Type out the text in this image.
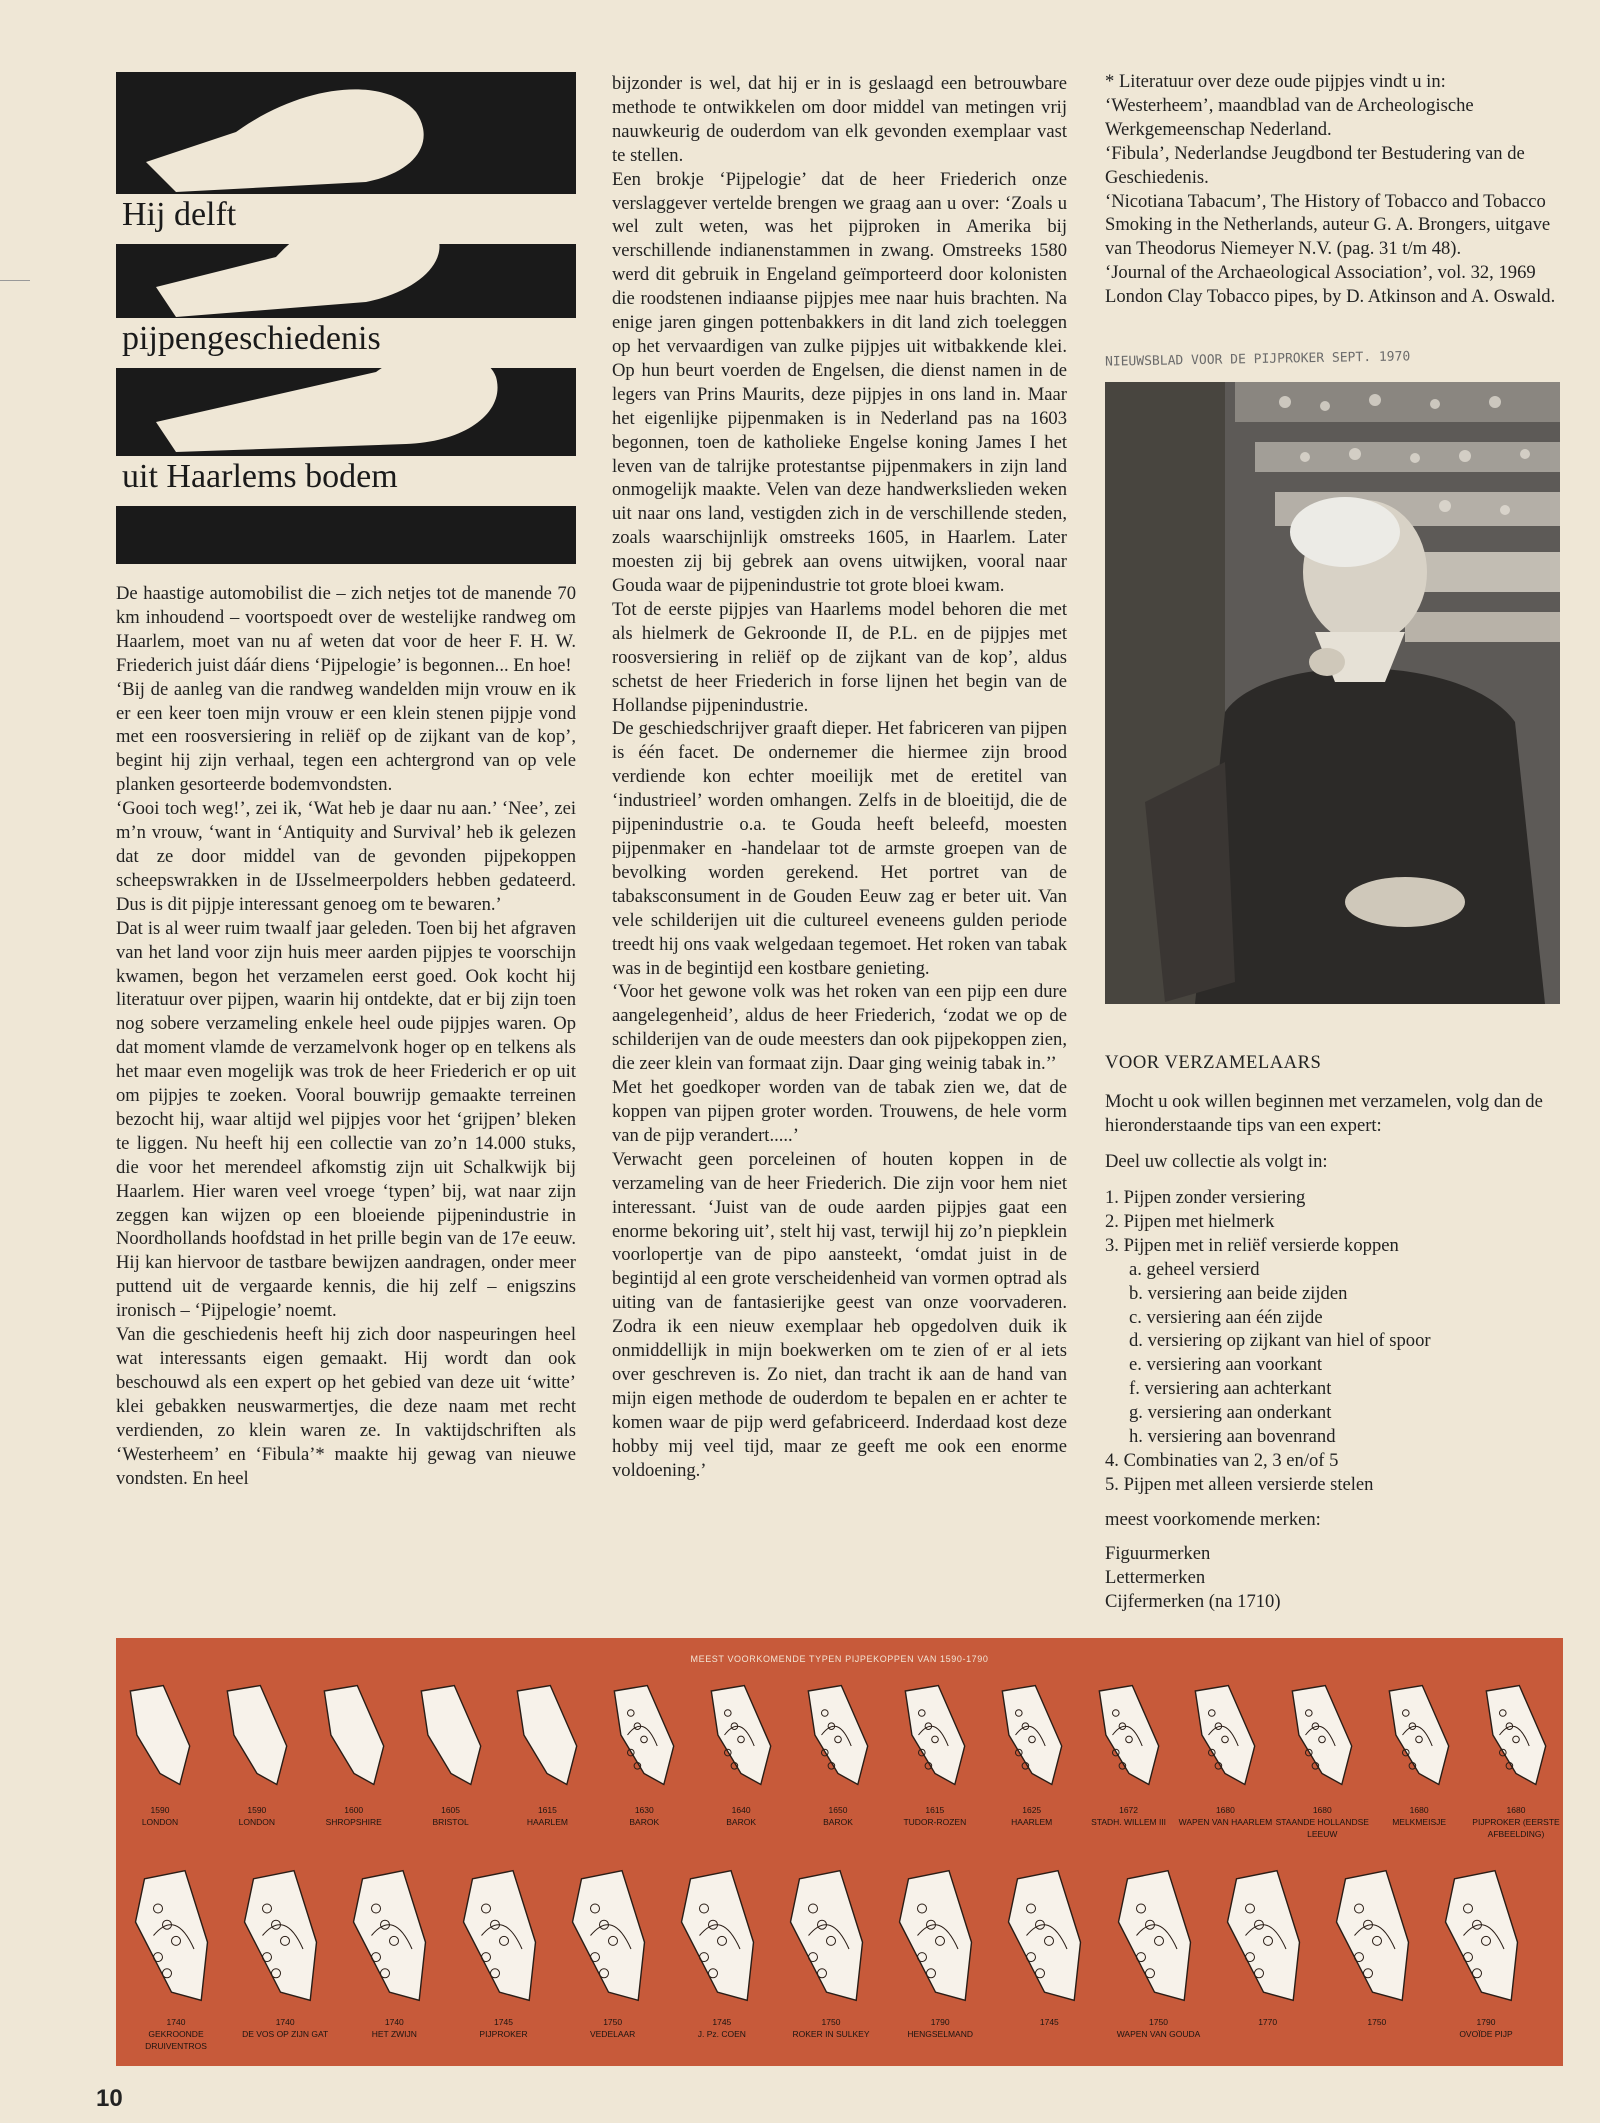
Hij delft
pijpengeschiedenis
uit Haarlems bodem

De haastige automobilist die – zich netjes tot de manende 70 km inhoudend – voortspoedt over de westelijke randweg om Haarlem, moet van nu af weten dat voor de heer F. H. W. Friederich juist dáár diens ‘Pijpelogie’ is begonnen... En hoe!

‘Bij de aanleg van die randweg wandelden mijn vrouw en ik er een keer toen mijn vrouw er een klein stenen pijpje vond met een roosversiering in reliëf op de zijkant van de kop’, begint hij zijn verhaal, tegen een achtergrond van op vele planken gesorteerde bodemvondsten.

‘Gooi toch weg!’, zei ik, ‘Wat heb je daar nu aan.’ ‘Nee’, zei m’n vrouw, ‘want in ‘Antiquity and Survival’ heb ik gelezen dat ze door middel van de gevonden pijpekoppen scheepswrakken in de IJsselmeerpolders hebben gedateerd. Dus is dit pijpje interessant genoeg om te bewaren.’

Dat is al weer ruim twaalf jaar geleden. Toen bij het afgraven van het land voor zijn huis meer aarden pijpjes te voorschijn kwamen, begon het verzamelen eerst goed. Ook kocht hij literatuur over pijpen, waarin hij ontdekte, dat er bij zijn toen nog sobere verzameling enkele heel oude pijpjes waren. Op dat moment vlamde de verzamelvonk hoger op en telkens als het maar even mogelijk was trok de heer Friederich er op uit om pijpjes te zoeken. Vooral bouwrijp gemaakte terreinen bezocht hij, waar altijd wel pijpjes voor het ‘grijpen’ bleken te liggen. Nu heeft hij een collectie van zo’n 14.000 stuks, die voor het merendeel afkomstig zijn uit Schalkwijk bij Haarlem. Hier waren veel vroege ‘typen’ bij, wat naar zijn zeggen kan wijzen op een bloeiende pijpenindustrie in Noordhollands hoofdstad in het prille begin van de 17e eeuw. Hij kan hiervoor de tastbare bewijzen aandragen, onder meer puttend uit de vergaarde kennis, die hij zelf – enigszins ironisch – ‘Pijpelogie’ noemt.

Van die geschiedenis heeft hij zich door naspeuringen heel wat interessants eigen gemaakt. Hij wordt dan ook beschouwd als een expert op het gebied van deze uit ‘witte’ klei gebakken neuswarmertjes, die deze naam met recht verdienden, zo klein waren ze. In vaktijdschriften als ‘Westerheem’ en ‘Fibula’* maakte hij gewag van nieuwe vondsten. En heel

bijzonder is wel, dat hij er in is geslaagd een betrouwbare methode te ontwikkelen om door middel van metingen vrij nauwkeurig de ouderdom van elk gevonden exemplaar vast te stellen.

Een brokje ‘Pijpelogie’ dat de heer Friederich onze verslaggever vertelde brengen we graag aan u over: ‘Zoals u wel zult weten, was het pijproken in Amerika bij verschillende indianenstammen in zwang. Omstreeks 1580 werd dit gebruik in Engeland geïmporteerd door kolonisten die roodstenen indiaanse pijpjes mee naar huis brachten. Na enige jaren gingen pottenbakkers in dit land zich toeleggen op het vervaardigen van zulke pijpjes uit witbakkende klei. Op hun beurt voerden de Engelsen, die dienst namen in de legers van Prins Maurits, deze pijpjes in ons land in. Maar het eigenlijke pijpenmaken is in Nederland pas na 1603 begonnen, toen de katholieke Engelse koning James I het leven van de talrijke protestantse pijpenmakers in zijn land onmogelijk maakte. Velen van deze handwerkslieden weken uit naar ons land, vestigden zich in de verschillende steden, zoals waarschijnlijk omstreeks 1605, in Haarlem. Later moesten zij bij gebrek aan ovens uitwijken, vooral naar Gouda waar de pijpenindustrie tot grote bloei kwam.

Tot de eerste pijpjes van Haarlems model behoren die met als hielmerk de Gekroonde II, de P.L. en de pijpjes met roosversiering in reliëf op de zijkant van de kop’, aldus schetst de heer Friederich in forse lijnen het begin van de Hollandse pijpenindustrie.

De geschiedschrijver graaft dieper. Het fabriceren van pijpen is één facet. De ondernemer die hiermee zijn brood verdiende kon echter moeilijk met de eretitel van ‘industrieel’ worden omhangen. Zelfs in de bloeitijd, die de pijpenindustrie o.a. te Gouda heeft beleefd, moesten pijpenmaker en -handelaar tot de armste groepen van de bevolking worden gerekend. Het portret van de tabaksconsument in de Gouden Eeuw zag er beter uit. Van vele schilderijen uit die cultureel eveneens gulden periode treedt hij ons vaak welgedaan tegemoet. Het roken van tabak was in de begintijd een kostbare genieting.

‘Voor het gewone volk was het roken van een pijp een dure aangelegenheid’, aldus de heer Friederich, ‘zodat we op de schilderijen van de oude meesters dan ook pijpekoppen zien, die zeer klein van formaat zijn. Daar ging weinig tabak in.’’

Met het goedkoper worden van de tabak zien we, dat de koppen van pijpen groter worden. Trouwens, de hele vorm van de pijp verandert.....’

Verwacht geen porceleinen of houten koppen in de verzameling van de heer Friederich. Die zijn voor hem niet interessant. ‘Juist van de oude aarden pijpjes gaat een enorme bekoring uit’, stelt hij vast, terwijl hij zo’n piepklein voorlopertje van de pipo aansteekt, ‘omdat juist in de begintijd al een grote verscheidenheid van vormen optrad als uiting van de fantasierijke geest van onze voorvaderen. Zodra ik een nieuw exemplaar heb opgedolven duik ik onmiddellijk in mijn boekwerken om te zien of er al iets over geschreven is. Zo niet, dan tracht ik aan de hand van mijn eigen methode de ouderdom te bepalen en er achter te komen waar de pijp werd gefabriceerd. Inderdaad kost deze hobby mij veel tijd, maar ze geeft me ook een enorme voldoening.’

* Literatuur over deze oude pijpjes vindt u in:

‘Westerheem’, maandblad van de Archeologische Werkgemeenschap Nederland.

‘Fibula’, Nederlandse Jeugdbond ter Bestudering van de Geschiedenis.

‘Nicotiana Tabacum’, The History of Tobacco and Tobacco Smoking in the Netherlands, auteur G. A. Brongers, uitgave van Theodorus Niemeyer N.V. (pag. 31 t/m 48).

‘Journal of the Archaeological Association’, vol. 32, 1969 London Clay Tobacco pipes, by D. Atkinson and A. Oswald.

NIEUWSBLAD VOOR DE PIJPROKER SEPT. 1970
VOOR VERZAMELAARS
Mocht u ook willen beginnen met verzamelen, volg dan de hieronderstaande tips van een expert:
Deel uw collectie als volgt in:
1. Pijpen zonder versiering
2. Pijpen met hielmerk
3. Pijpen met in reliëf versierde koppen
a. geheel versierd
b. versiering aan beide zijden
c. versiering aan één zijde
d. versiering op zijkant van hiel of spoor
e. versiering aan voorkant
f. versiering aan achterkant
g. versiering aan onderkant
h. versiering aan bovenrand
4. Combinaties van 2, 3 en/of 5
5. Pijpen met alleen versierde stelen
meest voorkomende merken:
Figuurmerken
Lettermerken
Cijfermerken (na 1710)
MEEST VOORKOMENDE TYPEN PIJPEKOPPEN VAN 1590-1790
1590
LONDON
1590
LONDON
1600
SHROPSHIRE
1605
BRISTOL
1615
HAARLEM
1630
BAROK
1640
BAROK
1650
BAROK
1615
TUDOR-ROZEN
1625
HAARLEM
1672
STADH. WILLEM III
1680
WAPEN VAN HAARLEM
1680
STAANDE HOLLANDSE LEEUW
1680
MELKMEISJE
1680
PIJPROKER (EERSTE AFBEELDING)
1740
GEKROONDE DRUIVENTROS
1740
DE VOS OP ZIJN GAT
1740
HET ZWIJN
1745
PIJPROKER
1750
VEDELAAR
1745
J. Pz. COEN
1750
ROKER IN SULKEY
1790
HENGSELMAND
1745	1750
WAPEN VAN GOUDA
1770	1750	1790
OVOÏDE PIJP
10
